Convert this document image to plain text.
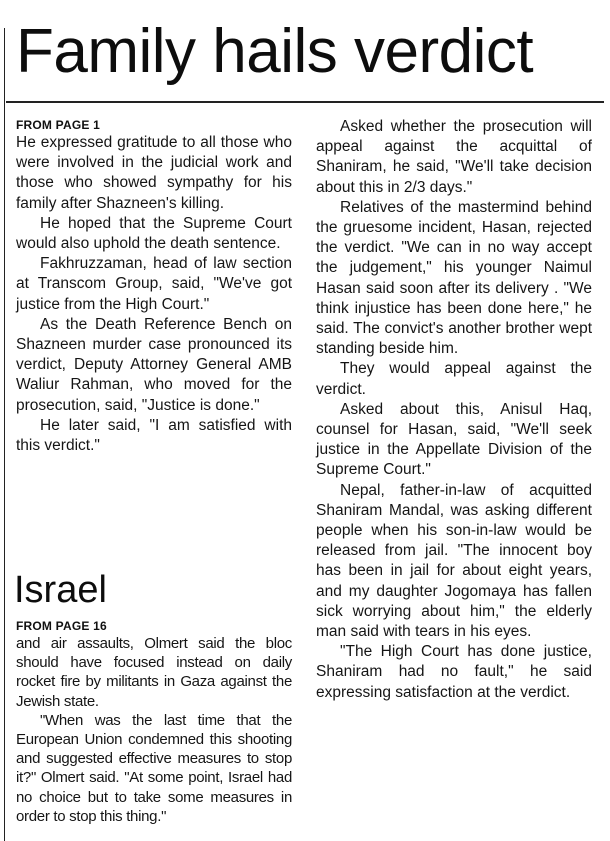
Family hails verdict

FROM PAGE 1

He expressed gratitude to all those who were involved in the judicial work and those who showed sympathy for his family after Shazneen's killing.

He hoped that the Supreme Court would also uphold the death sentence.

Fakhruzzaman, head of law section at Transcom Group, said, "We've got justice from the High Court."

As the Death Reference Bench on Shazneen murder case pronounced its verdict, Deputy Attorney General AMB Waliur Rahman, who moved for the prosecution, said, "Justice is done."

He later said, "I am satisfied with this verdict."

Israel

FROM PAGE 16

and air assaults, Olmert said the bloc should have focused instead on daily rocket fire by militants in Gaza against the Jewish state.

"When was the last time that the European Union condemned this shooting and suggested effective measures to stop it?" Olmert said. "At some point, Israel had no choice but to take some measures in order to stop this thing."

Asked whether the prosecution will appeal against the acquittal of Shaniram, he said, "We'll take decision about this in 2/3 days."

Relatives of the mastermind behind the gruesome incident, Hasan, rejected the verdict. "We can in no way accept the judgement," his younger Naimul Hasan said soon after its delivery . "We think injustice has been done here," he said. The convict's another brother wept standing beside him.

They would appeal against the verdict.

Asked about this, Anisul Haq, counsel for Hasan, said, "We'll seek justice in the Appellate Division of the Supreme Court."

Nepal, father-in-law of acquitted Shaniram Mandal, was asking different people when his son-in-law would be released from jail. "The innocent boy has been in jail for about eight years, and my daughter Jogomaya has fallen sick worrying about him," the elderly man said with tears in his eyes.

"The High Court has done justice, Shaniram had no fault," he said expressing satisfaction at the verdict.
